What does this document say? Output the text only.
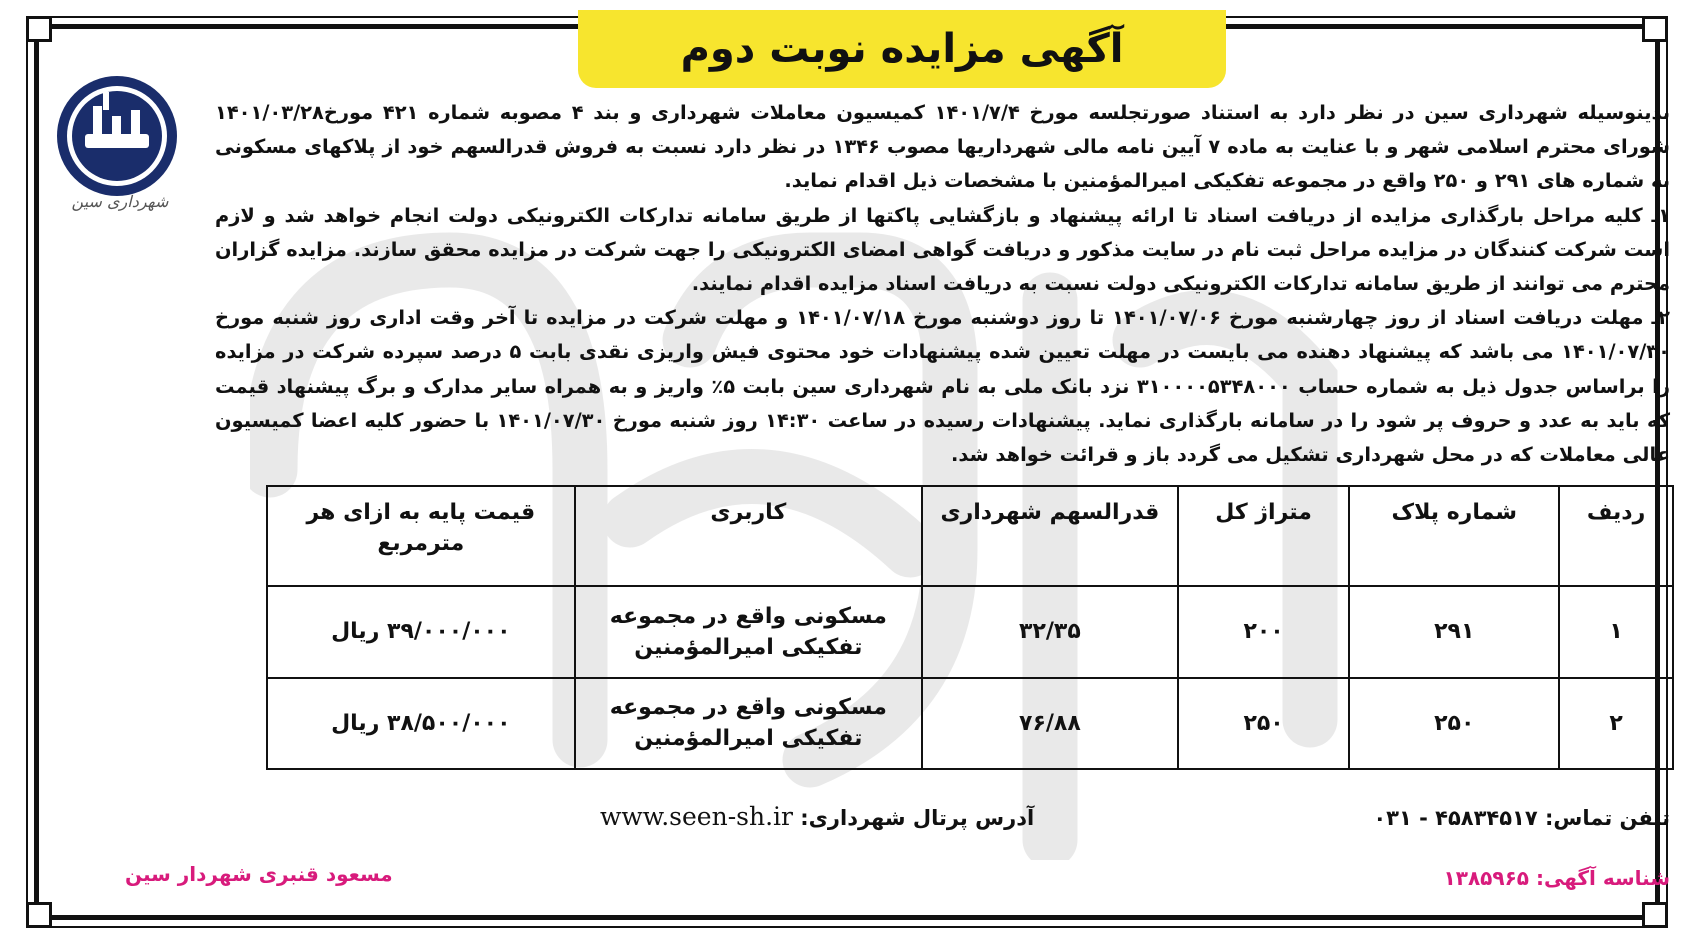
آگهی مزایده نوبت دوم
شهرداری سین

بدینوسیله شهرداری سین در نظر دارد به استناد صورتجلسه مورخ ۱۴۰۱/۷/۴ کمیسیون معاملات شهرداری و بند ۴ مصوبه شماره ۴۲۱ مورخ۱۴۰۱/۰۳/۲۸ شورای محترم اسلامی شهر و با عنایت به ماده ۷ آیین نامه مالی شهرداریها مصوب ۱۳۴۶ در نظر دارد نسبت به فروش قدرالسهم خود از پلاکهای مسکونی به شماره های ۲۹۱ و ۲۵۰ واقع در مجموعه تفکیکی امیرالمؤمنین با مشخصات ذیل اقدام نماید.

۱ـ کلیه مراحل بارگذاری مزایده از دریافت اسناد تا ارائه پیشنهاد و بازگشایی پاکتها از طریق سامانه تدارکات الکترونیکی دولت انجام خواهد شد و لازم است شرکت کنندگان در مزایده مراحل ثبت نام در سایت مذکور و دریافت گواهی امضای الکترونیکی را جهت شرکت در مزایده محقق سازند. مزایده گزاران محترم می توانند از طریق سامانه تدارکات الکترونیکی دولت نسبت به دریافت اسناد مزایده اقدام نمایند.

۲ـ مهلت دریافت اسناد از روز چهارشنبه مورخ ۱۴۰۱/۰۷/۰۶ تا روز دوشنبه مورخ ۱۴۰۱/۰۷/۱۸ و مهلت شرکت در مزایده تا آخر وقت اداری روز شنبه مورخ ۱۴۰۱/۰۷/۳۰ می باشد که پیشنهاد دهنده می بایست در مهلت تعیین شده پیشنهادات خود محتوی فیش واریزی نقدی بابت ۵ درصد سپرده شرکت در مزایده را براساس جدول ذیل به شماره حساب ۳۱۰۰۰۰۵۳۴۸۰۰۰ نزد بانک ملی به نام شهرداری سین بابت ۵٪ واریز و به همراه سایر مدارک و برگ پیشنهاد قیمت که باید به عدد و حروف پر شود را در سامانه بارگذاری نماید. پیشنهادات رسیده در ساعت ۱۴:۳۰ روز شنبه مورخ ۱۴۰۱/۰۷/۳۰ با حضور کلیه اعضا کمیسیون عالی معاملات که در محل شهرداری تشکیل می گردد باز و قرائت خواهد شد.

ردیف	شماره پلاک	متراژ کل	قدرالسهم شهرداری	کاربری	قیمت پایه به ازای هر مترمربع
۱	۲۹۱	۲۰۰	۳۲/۳۵	مسکونی واقع در مجموعه تفکیکی امیرالمؤمنین	۳۹/۰۰۰/۰۰۰ ریال
۲	۲۵۰	۲۵۰	۷۶/۸۸	مسکونی واقع در مجموعه تفکیکی امیرالمؤمنین	۳۸/۵۰۰/۰۰۰ ریال
تلفن تماس: ۴۵۸۳۴۵۱۷ - ۰۳۱
آدرس پرتال شهرداری: www.seen-sh.ir
شناسه آگهی: ۱۳۸۵۹۶۵
مسعود قنبری شهردار سین
